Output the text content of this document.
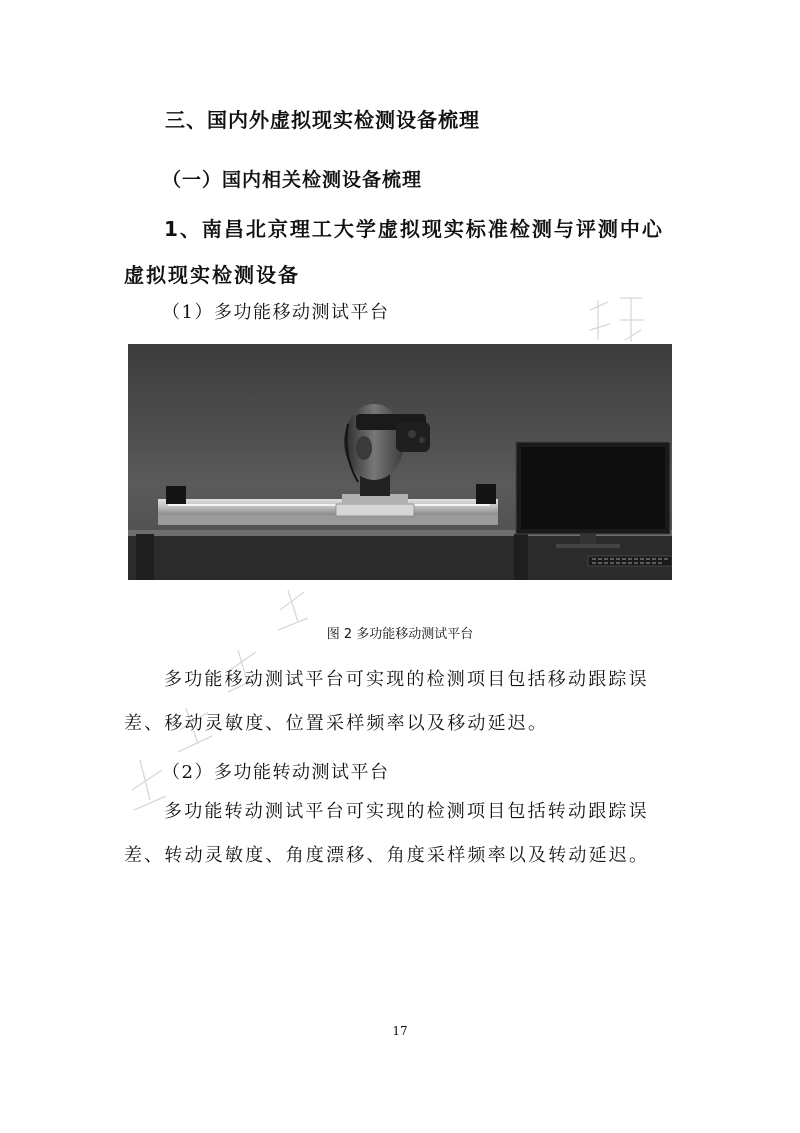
三、国内外虚拟现实检测设备梳理
（一）国内相关检测设备梳理
1、南昌北京理工大学虚拟现实标准检测与评测中心虚拟现实检测设备
（1）多功能移动测试平台
图 2 多功能移动测试平台
多功能移动测试平台可实现的检测项目包括移动跟踪误差、移动灵敏度、位置采样频率以及移动延迟。
（2）多功能转动测试平台
多功能转动测试平台可实现的检测项目包括转动跟踪误差、转动灵敏度、角度漂移、角度采样频率以及转动延迟。
17
